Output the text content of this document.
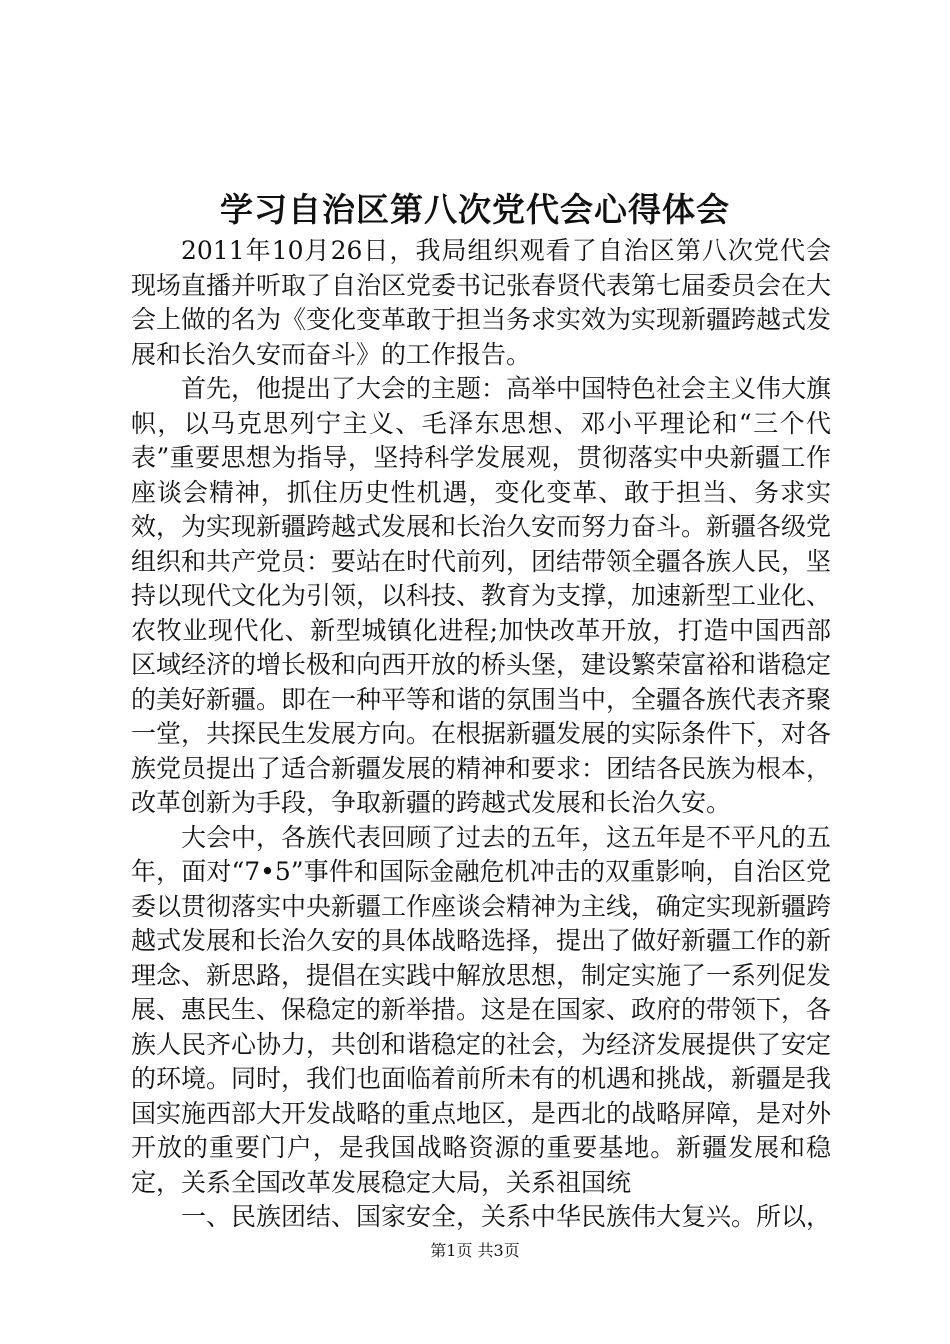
学习自治区第八次党代会心得体会

2011年10月26日，我局组织观看了自治区第八次党代会现场直播并听取了自治区党委书记张春贤代表第七届委员会在大会上做的名为《变化变革敢于担当务求实效为实现新疆跨越式发展和长治久安而奋斗》的工作报告。

首先，他提出了大会的主题：高举中国特色社会主义伟大旗帜，以马克思列宁主义、毛泽东思想、邓小平理论和“三个代表”重要思想为指导，坚持科学发展观，贯彻落实中央新疆工作座谈会精神，抓住历史性机遇，变化变革、敢于担当、务求实效，为实现新疆跨越式发展和长治久安而努力奋斗。新疆各级党组织和共产党员：要站在时代前列，团结带领全疆各族人民，坚持以现代文化为引领，以科技、教育为支撑，加速新型工业化、农牧业现代化、新型城镇化进程;加快改革开放，打造中国西部区域经济的增长极和向西开放的桥头堡，建设繁荣富裕和谐稳定的美好新疆。即在一种平等和谐的氛围当中，全疆各族代表齐聚一堂，共探民生发展方向。在根据新疆发展的实际条件下，对各族党员提出了适合新疆发展的精神和要求：团结各民族为根本，改革创新为手段，争取新疆的跨越式发展和长治久安。

大会中，各族代表回顾了过去的五年，这五年是不平凡的五年，面对“7•5”事件和国际金融危机冲击的双重影响，自治区党委以贯彻落实中央新疆工作座谈会精神为主线，确定实现新疆跨越式发展和长治久安的具体战略选择，提出了做好新疆工作的新理念、新思路，提倡在实践中解放思想，制定实施了一系列促发展、惠民生、保稳定的新举措。这是在国家、政府的带领下，各族人民齐心协力，共创和谐稳定的社会，为经济发展提供了安定的环境。同时，我们也面临着前所未有的机遇和挑战，新疆是我国实施西部大开发战略的重点地区，是西北的战略屏障，是对外开放的重要门户，是我国战略资源的重要基地。新疆发展和稳定，关系全国改革发展稳定大局，关系祖国统

一、民族团结、国家安全，关系中华民族伟大复兴。所以，

第1页 共3页
